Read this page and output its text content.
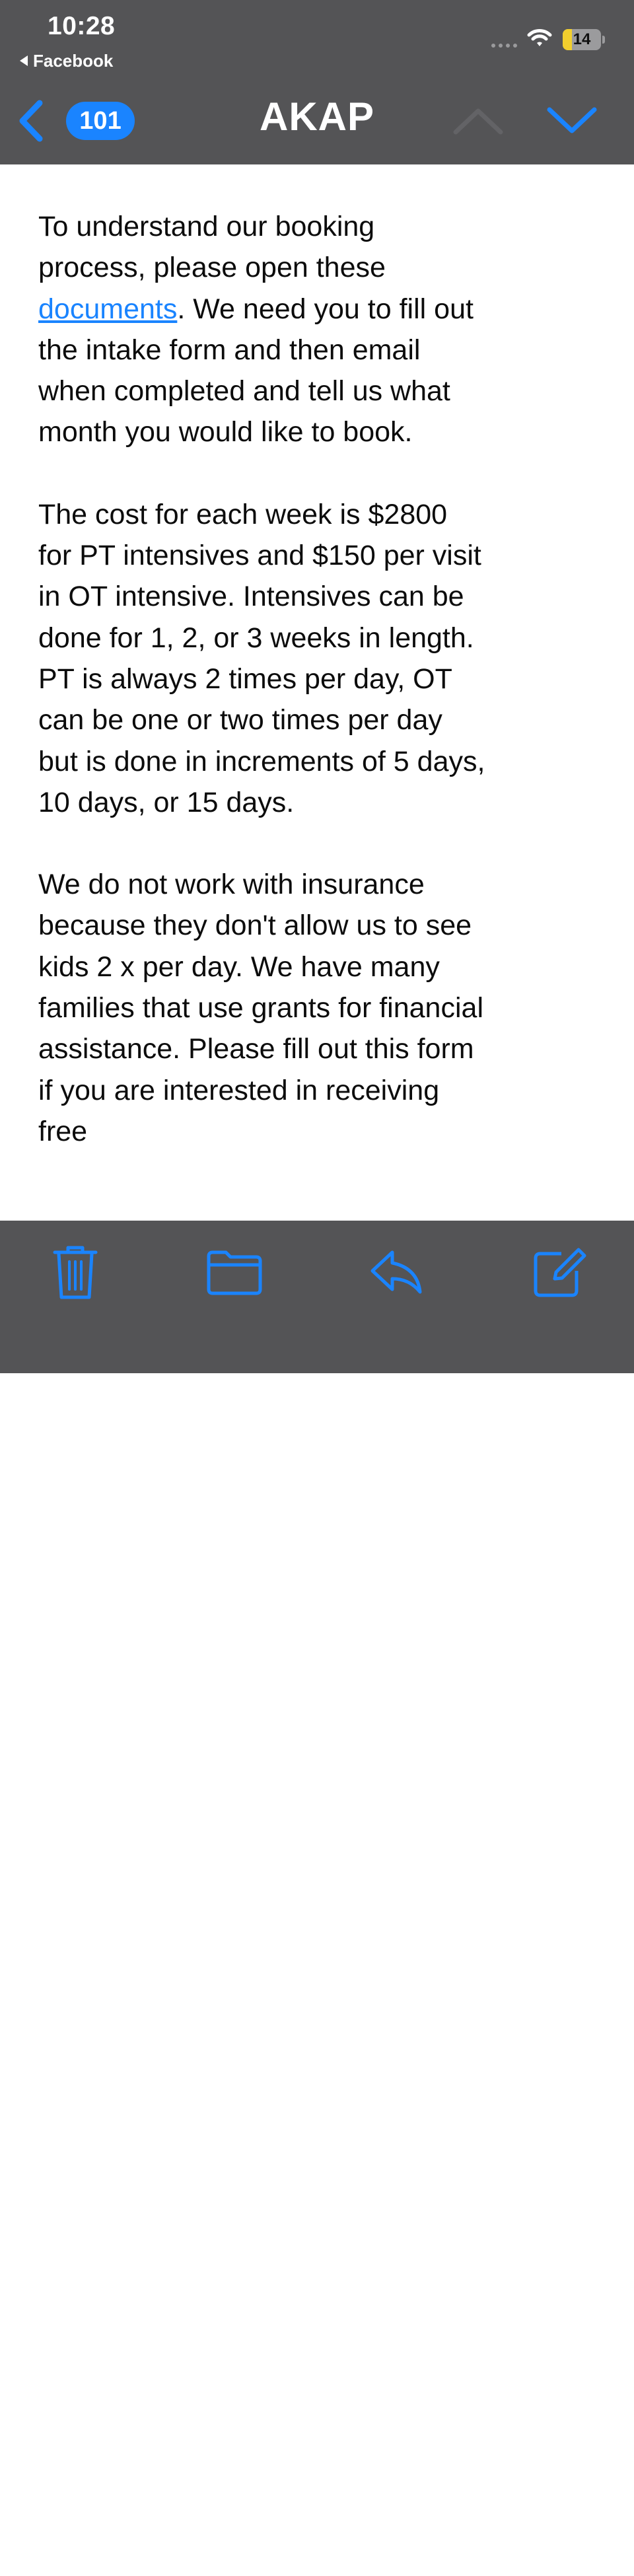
10:28
Facebook
14
101	AKAP

To understand our booking process, please open these documents. We need you to fill out the intake form and then email when completed and tell us what month you would like to book.

The cost for each week is $2800 for PT intensives and $150 per visit in OT intensive. Intensives can be done for 1, 2, or 3 weeks in length. PT is always 2 times per day, OT can be one or two times per day but is done in increments of 5 days, 10 days, or 15 days.

We do not work with insurance because they don't allow us to see kids 2 x per day. We have many families that use grants for financial assistance. Please fill out this form if you are interested in receiving free
